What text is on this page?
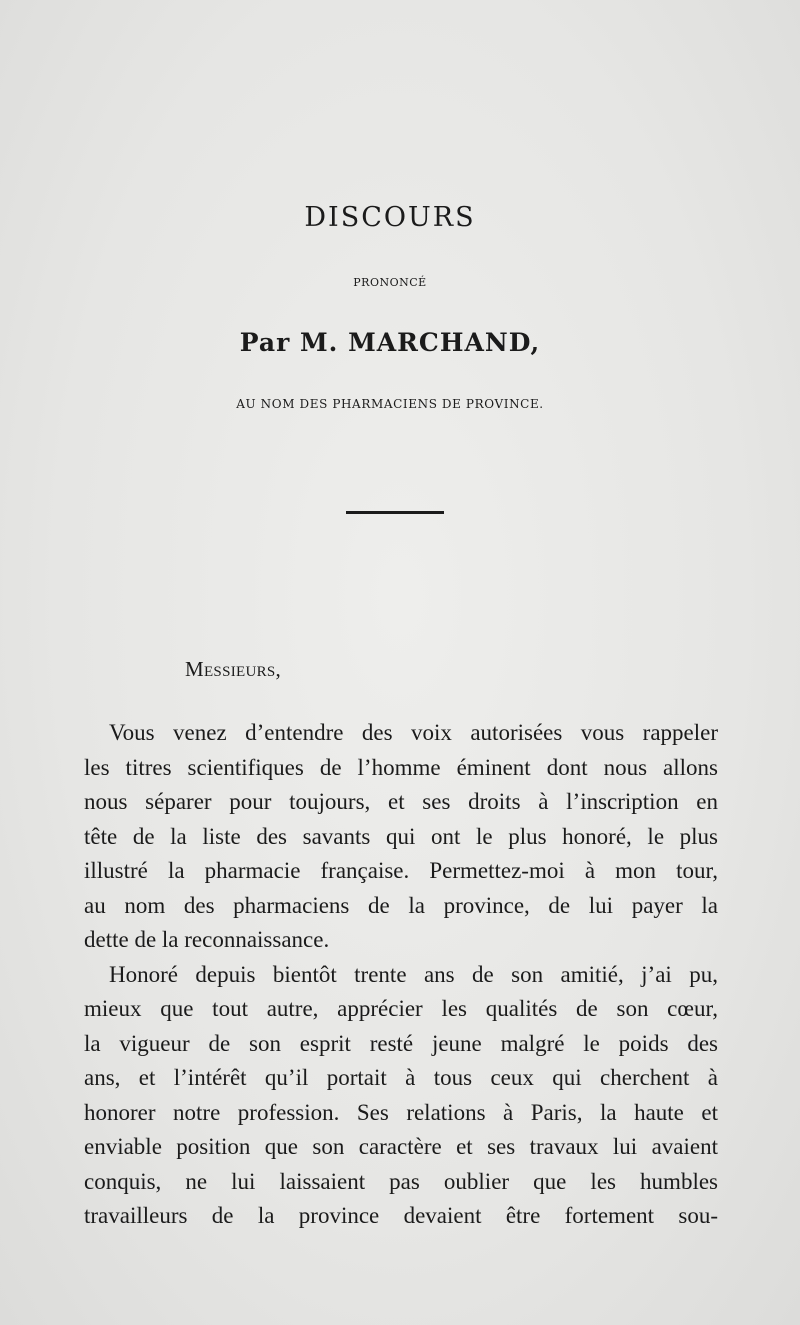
DISCOURS
PRONONCÉ
Par M. MARCHAND,
AU NOM DES PHARMACIENS DE PROVINCE.
Messieurs,
Vous venez d’entendre des voix autorisées vous rappeler
les titres scientifiques de l’homme éminent dont nous allons
nous séparer pour toujours, et ses droits à l’inscription en
tête de la liste des savants qui ont le plus honoré, le plus
illustré la pharmacie française. Permettez-moi à mon tour,
au nom des pharmaciens de la province, de lui payer la
dette de la reconnaissance.
Honoré depuis bientôt trente ans de son amitié, j’ai pu,
mieux que tout autre, apprécier les qualités de son cœur,
la vigueur de son esprit resté jeune malgré le poids des
ans, et l’intérêt qu’il portait à tous ceux qui cherchent à
honorer notre profession. Ses relations à Paris, la haute et
enviable position que son caractère et ses travaux lui avaient
conquis, ne lui laissaient pas oublier que les humbles
travailleurs de la province devaient être fortement sou-
